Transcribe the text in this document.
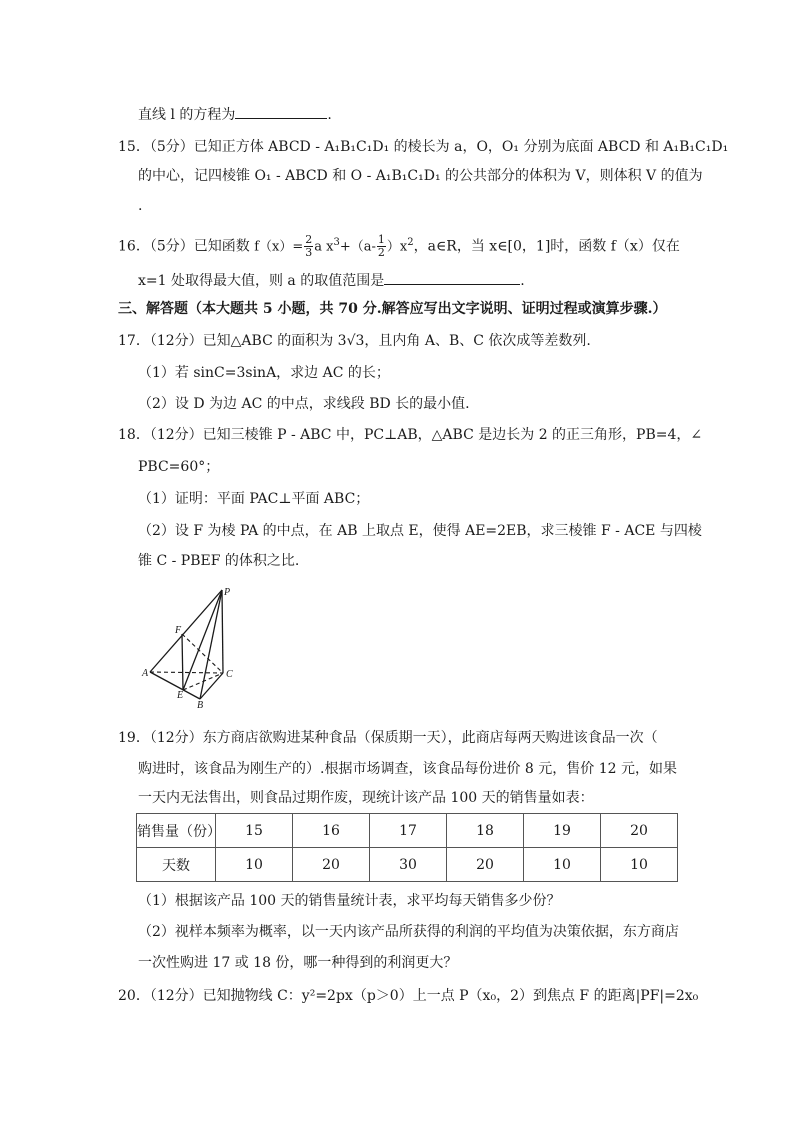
直线 l 的方程为	.
15．（5分）已知正方体 ABCD - A₁B₁C₁D₁ 的棱长为 a，O，O₁ 分别为底面 ABCD 和 A₁B₁C₁D₁
的中心，记四棱锥 O₁ - ABCD 和 O - A₁B₁C₁D₁ 的公共部分的体积为 V，则体积 V 的值为
.
16．（5分）已知函数 $f(x)= \frac{2}{3}$ a $x^3+(a- \frac{1}{2} )x^2$，a∈R，当 x∈[0，1]时，函数 f（x）仅在
x=1 处取得最大值，则 a 的取值范围是	.
三、解答题（本大题共 5 小题，共 70 分.解答应写出文字说明、证明过程或演算步骤.）
17．（12分）已知△ABC 的面积为 3√3，且内角 A、B、C 依次成等差数列.
（1）若 sinC=3sinA，求边 AC 的长；
（2）设 D 为边 AC 的中点，求线段 BD 长的最小值.
18．（12分）已知三棱锥 P - ABC 中，PC⊥AB，△ABC 是边长为 2 的正三角形，PB=4，∠
PBC=60°；
（1）证明：平面 PAC⊥平面 ABC；
（2）设 F 为棱 PA 的中点，在 AB 上取点 E，使得 AE=2EB，求三棱锥 F - ACE 与四棱
锥 C - PBEF 的体积之比.
P
F
A	C
E
B
19．（12分）东方商店欲购进某种食品（保质期一天），此商店每两天购进该食品一次（
购进时，该食品为刚生产的）.根据市场调查，该食品每份进价 8 元，售价 12 元，如果
一天内无法售出，则食品过期作废，现统计该产品 100 天的销售量如表：
销售量（份）	15	16	17	18	19	20
天数	10	20	30	20	10	10
（1）根据该产品 100 天的销售量统计表，求平均每天销售多少份？
（2）视样本频率为概率，以一天内该产品所获得的利润的平均值为决策依据，东方商店
一次性购进 17 或 18 份，哪一种得到的利润更大？
20．（12分）已知抛物线 C：y²=2px（p＞0）上一点 P（x₀，2）到焦点 F 的距离|PF|=2x₀
